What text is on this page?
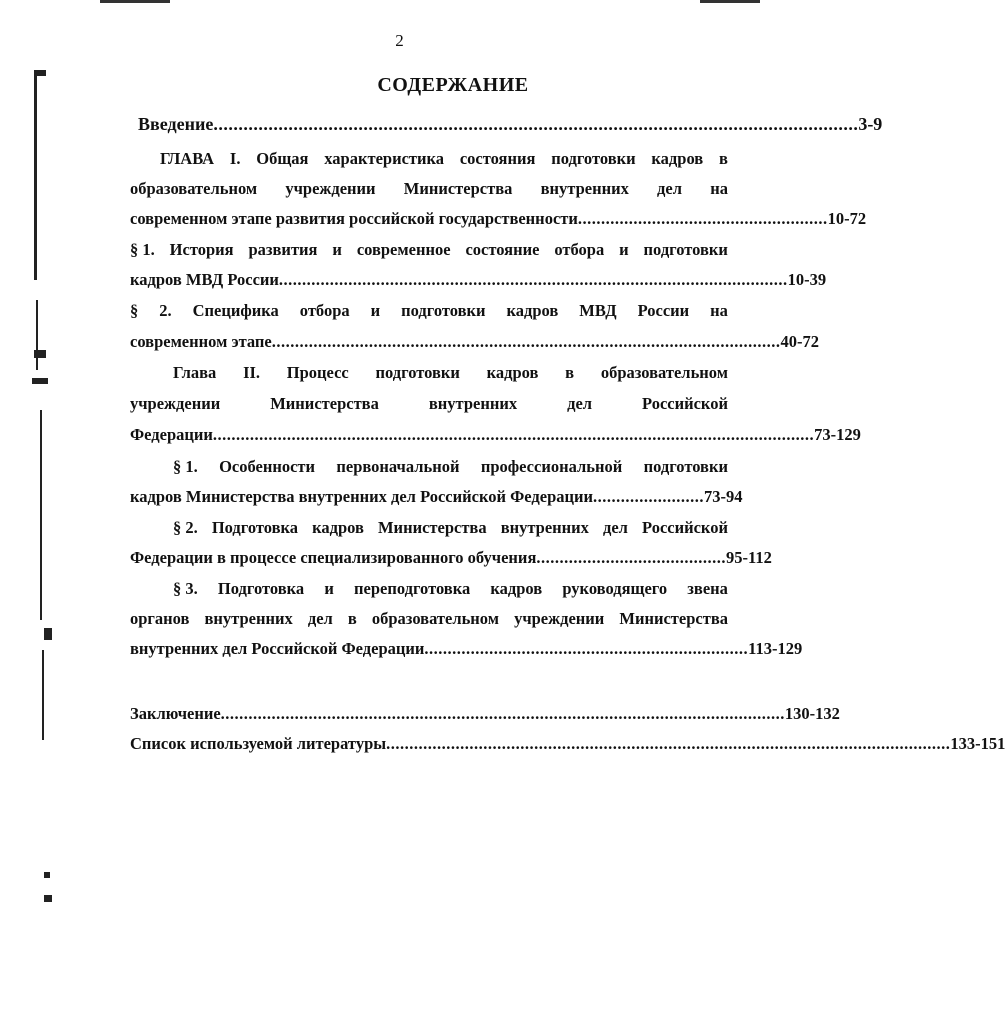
2
СОДЕРЖАНИЕ
Введение ................................................................................................................................. 3-9
ГЛАВА I. Общая характеристика состояния подготовки кадров в
образовательном учреждении Министерства внутренних дел на
современном этапе развития российской государственности ...................................................... 10-72
§ 1. История развития и современное состояние отбора и подготовки
кадров МВД России .............................................................................................................. 10-39
§ 2. Специфика отбора и подготовки кадров МВД России на
современном этапе .............................................................................................................. 40-72
Глава II. Процесс подготовки кадров в образовательном
учреждении	Министерства	внутренних	дел	Российской
Федерации .................................................................................................................................. 73-129
§ 1. Особенности первоначальной профессиональной подготовки
кадров Министерства внутренних дел Российской Федерации ........................ 73-94
§ 2. Подготовка кадров Министерства внутренних дел Российской
Федерации в процессе специализированного обучения ......................................... 95-112
§ 3. Подготовка и переподготовка кадров руководящего звена
органов внутренних дел в образовательном учреждении Министерства
внутренних дел Российской Федерации ...................................................................... 113-129
Заключение .......................................................................................................................... 130-132
Список используемой литературы .......................................................................................................................... 133-151
